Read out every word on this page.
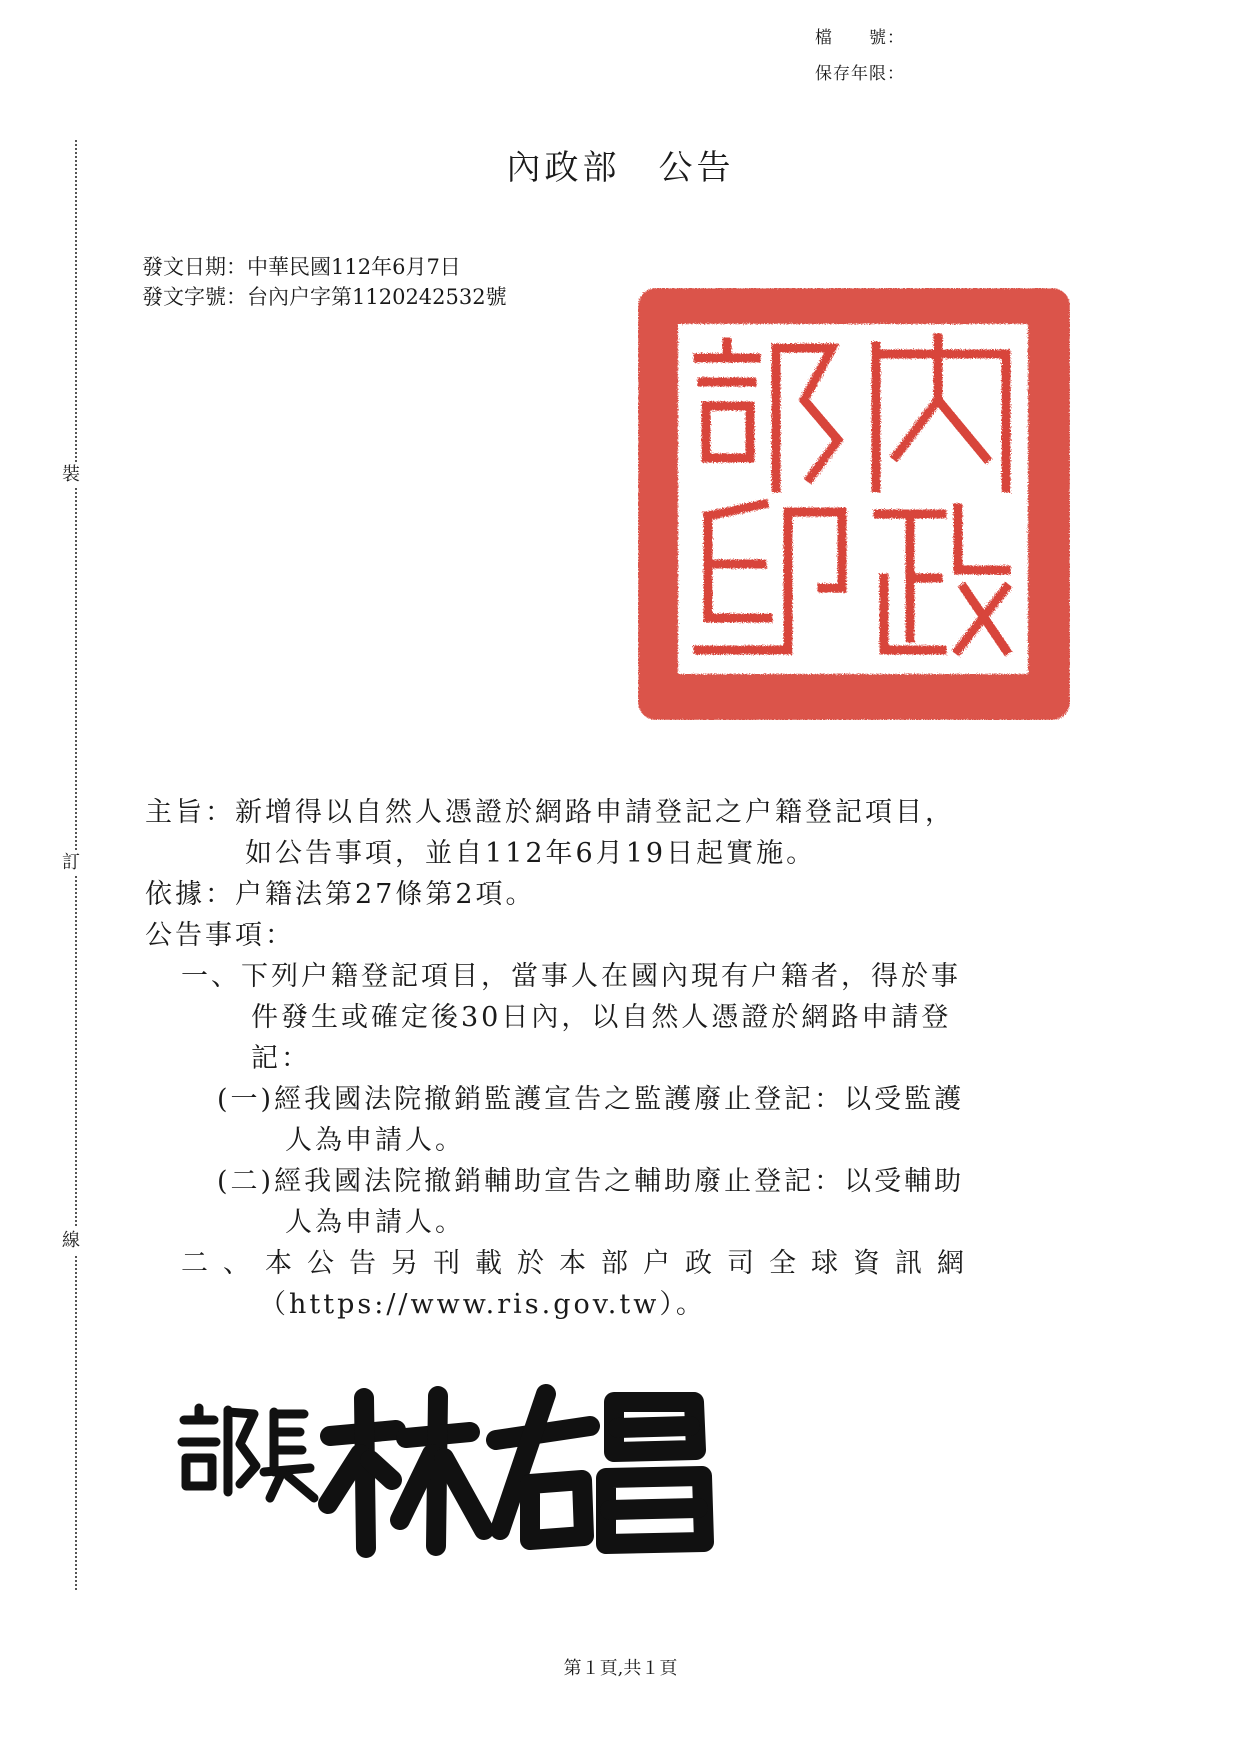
檔　　號：
保存年限：
裝
訂
線
內政部　公告
發文日期：中華民國112年6月7日
發文字號：台內户字第1120242532號
主旨：新增得以自然人憑證於網路申請登記之户籍登記項目，
如公告事項，並自112年6月19日起實施。
依據：户籍法第27條第2項。
公告事項：
一、下列户籍登記項目，當事人在國內現有户籍者，得於事
件發生或確定後30日內，以自然人憑證於網路申請登
記：
(一)經我國法院撤銷監護宣告之監護廢止登記：以受監護
人為申請人。
(二)經我國法院撤銷輔助宣告之輔助廢止登記：以受輔助
人為申請人。
二、本公告另刊載於本部户政司全球資訊網
（https://www.ris.gov.tw）。
第１頁,共１頁
